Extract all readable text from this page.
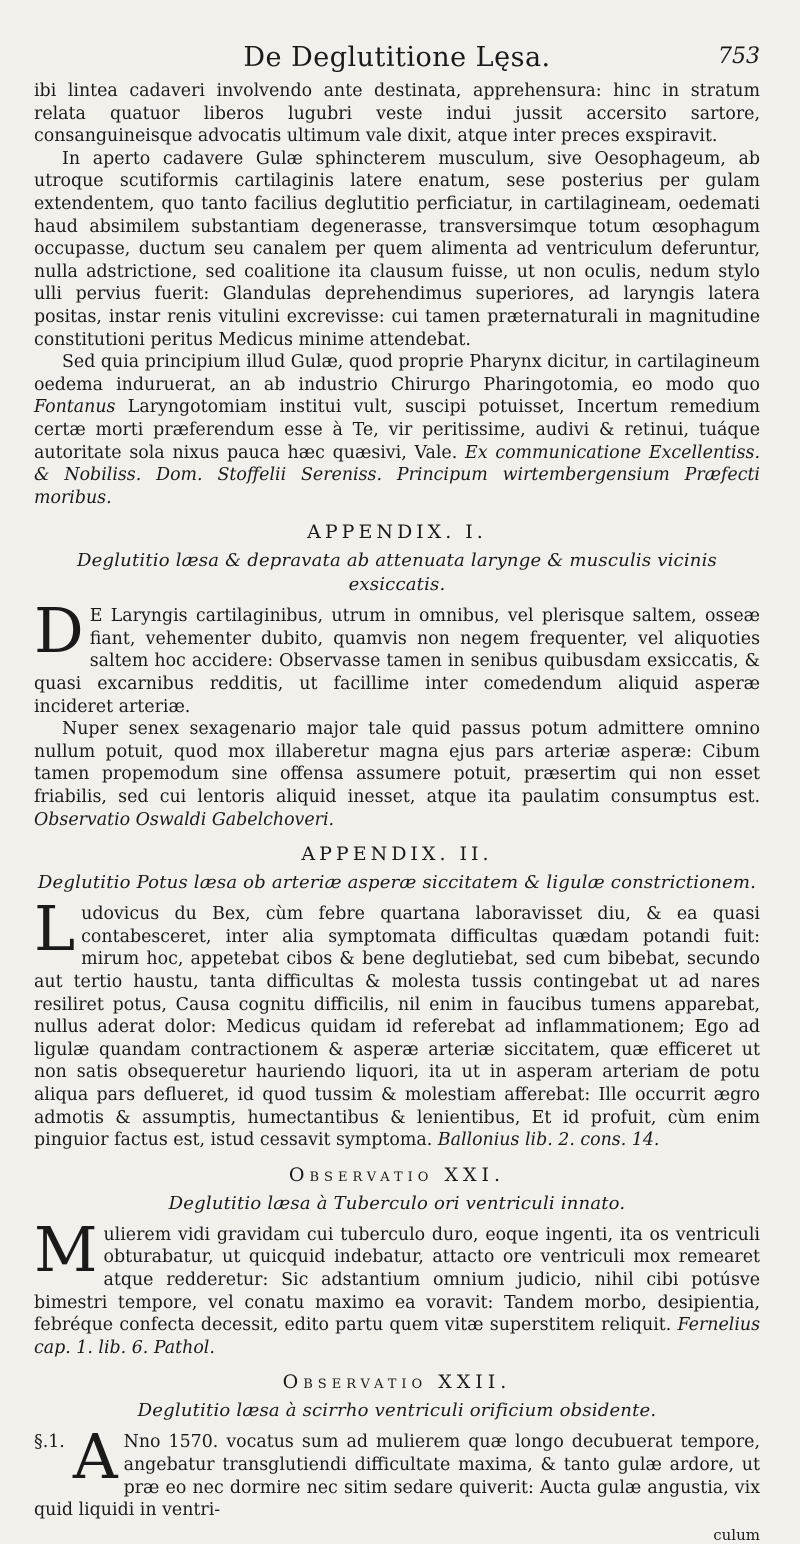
De Deglutitione Lęsa.	753

ibi lintea cadaveri involvendo ante destinata, apprehensura: hinc in stratum relata quatuor liberos lugubri veste indui jussit accersito sartore, consanguineisque advocatis ultimum vale dixit, atque inter preces exspiravit.

In aperto cadavere Gulæ sphincterem musculum, sive Oesophageum, ab utroque scutiformis cartilaginis latere enatum, sese posterius per gulam extendentem, quo tanto facilius deglutitio perficiatur, in cartilagineam, oedemati haud absimilem substantiam degenerasse, transversimque totum œsophagum occupasse, ductum seu canalem per quem alimenta ad ventriculum deferuntur, nulla adstrictione, sed coalitione ita clausum fuisse, ut non oculis, nedum stylo ulli pervius fuerit: Glandulas deprehendimus superiores, ad laryngis latera positas, instar renis vitulini excrevisse: cui tamen præternaturali in magnitudine constitutioni peritus Medicus minime attendebat.

Sed quia principium illud Gulæ, quod proprie Pharynx dicitur, in cartilagineum oedema induruerat, an ab industrio Chirurgo Pharingotomia, eo modo quo Fontanus Laryngotomiam institui vult, suscipi potuisset, Incertum remedium certæ morti præferendum esse à Te, vir peritissime, audivi & retinui, tuáque autoritate sola nixus pauca hæc quæsivi, Vale. Ex communicatione Excellentiss. & Nobiliss. Dom. Stoffelii Sereniss. Principum wirtembergensium Præfecti moribus.

APPENDIX. I.
Deglutitio læsa & depravata ab attenuata larynge & musculis vicinis exsiccatis.

D E Laryngis cartilaginibus, utrum in omnibus, vel plerisque saltem, osseæ fiant, vehementer dubito, quamvis non negem frequenter, vel aliquoties saltem hoc accidere: Observasse tamen in senibus quibusdam exsiccatis, & quasi excarnibus redditis, ut facillime inter comedendum aliquid asperæ incideret arteriæ.

Nuper senex sexagenario major tale quid passus potum admittere omnino nullum potuit, quod mox illaberetur magna ejus pars arteriæ asperæ: Cibum tamen propemodum sine offensa assumere potuit, præsertim qui non esset friabilis, sed cui lentoris aliquid inesset, atque ita paulatim consumptus est. Observatio Oswaldi Gabelchoveri.

APPENDIX. II.
Deglutitio Potus læsa ob arteriæ asperæ siccitatem & ligulæ constrictionem.

Ludovicus du Bex, cùm febre quartana laboravisset diu, & ea quasi contabesceret, inter alia symptomata difficultas quædam potandi fuit: mirum hoc, appetebat cibos & bene deglutiebat, sed cum bibebat, secundo aut tertio haustu, tanta difficultas & molesta tussis contingebat ut ad nares resiliret potus, Causa cognitu difficilis, nil enim in faucibus tumens apparebat, nullus aderat dolor: Medicus quidam id referebat ad inflammationem; Ego ad ligulæ quandam contractionem & asperæ arteriæ siccitatem, quæ efficeret ut non satis obsequeretur hauriendo liquori, ita ut in asperam arteriam de potu aliqua pars deflueret, id quod tussim & molestiam afferebat: Illе occurrit ægro admotis & assumptis, humectantibus & lenientibus, Et id profuit, cùm enim pinguior factus est, istud cessavit symptoma. Ballonius lib. 2. cons. 14.

Observatio XXI.
Deglutitio læsa à Tuberculo ori ventriculi innato.

Mulierem vidi gravidam cui tuberculo duro, eoque ingenti, ita os ventriculi obturabatur, ut quicquid indebatur, attacto ore ventriculi mox remearet atque redderetur: Sic adstantium omnium judicio, nihil cibi potúsve bimestri tempore, vel conatu maximo ea voravit: Tandem morbo, desipientia, febréque confecta decessit, edito partu quem vitæ superstitem reliquit. Fernelius cap. 1. lib. 6. Pathol.

Observatio XXII.
Deglutitio læsa à scirrho ventriculi orificium obsidente.

§.1. A Nno 1570. vocatus sum ad mulierem quæ longo decubuerat tempore, angebatur transglutiendi difficultate maxima, & tanto gulæ ardore, ut præ eo nec dormire nec sitim sedare quiverit: Aucta gulæ angustia, vix quid liquidi in ventri-

culum
